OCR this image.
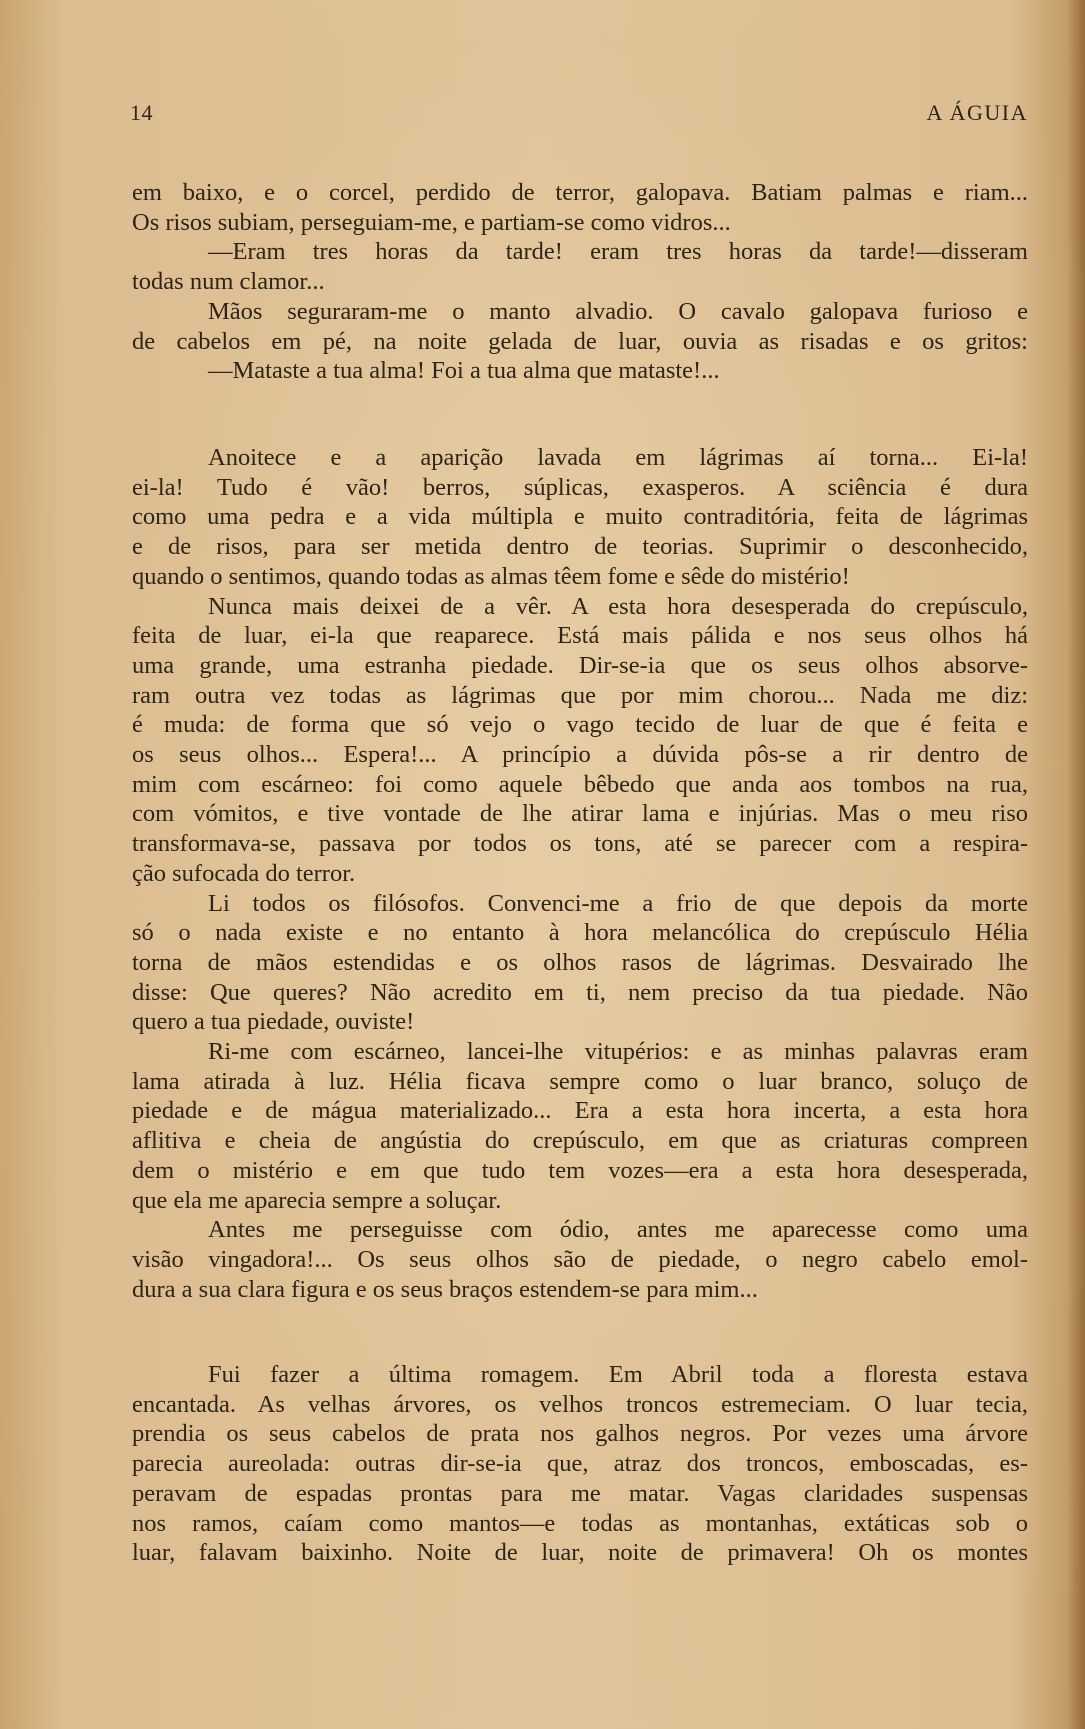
14	A ÁGUIA
em baixo, e o corcel, perdido de terror, galopava. Batiam palmas e riam...
Os risos subiam, perseguiam-me, e partiam-se como vidros...
—Eram tres horas da tarde! eram tres horas da tarde!—disseram
todas num clamor...
Mãos seguraram-me o manto alvadio. O cavalo galopava furioso e
de cabelos em pé, na noite gelada de luar, ouvia as risadas e os gritos:
—Mataste a tua alma! Foi a tua alma que mataste!...
Anoitece e a aparição lavada em lágrimas aí torna... Ei-la!
ei-la! Tudo é vão! berros, súplicas, exasperos. A sciência é dura
como uma pedra e a vida múltipla e muito contraditória, feita de lágrimas
e de risos, para ser metida dentro de teorias. Suprimir o desconhecido,
quando o sentimos, quando todas as almas têem fome e sêde do mistério!
Nunca mais deixei de a vêr. A esta hora desesperada do crepúsculo,
feita de luar, ei-la que reaparece. Está mais pálida e nos seus olhos há
uma grande, uma estranha piedade. Dir-se-ia que os seus olhos absorve-
ram outra vez todas as lágrimas que por mim chorou... Nada me diz:
é muda: de forma que só vejo o vago tecido de luar de que é feita e
os seus olhos... Espera!... A princípio a dúvida pôs-se a rir dentro de
mim com escárneo: foi como aquele bêbedo que anda aos tombos na rua,
com vómitos, e tive vontade de lhe atirar lama e injúrias. Mas o meu riso
transformava-se, passava por todos os tons, até se parecer com a respira-
ção sufocada do terror.
Li todos os filósofos. Convenci-me a frio de que depois da morte
só o nada existe e no entanto à hora melancólica do crepúsculo Hélia
torna de mãos estendidas e os olhos rasos de lágrimas. Desvairado lhe
disse: Que queres? Não acredito em ti, nem preciso da tua piedade. Não
quero a tua piedade, ouviste!
Ri-me com escárneo, lancei-lhe vitupérios: e as minhas palavras eram
lama atirada à luz. Hélia ficava sempre como o luar branco, soluço de
piedade e de mágua materializado... Era a esta hora incerta, a esta hora
aflitiva e cheia de angústia do crepúsculo, em que as criaturas compreen
dem o mistério e em que tudo tem vozes—era a esta hora desesperada,
que ela me aparecia sempre a soluçar.
Antes me perseguisse com ódio, antes me aparecesse como uma
visão vingadora!... Os seus olhos são de piedade, o negro cabelo emol-
dura a sua clara figura e os seus braços estendem-se para mim...
Fui fazer a última romagem. Em Abril toda a floresta estava
encantada. As velhas árvores, os velhos troncos estremeciam. O luar tecia,
prendia os seus cabelos de prata nos galhos negros. Por vezes uma árvore
parecia aureolada: outras dir-se-ia que, atraz dos troncos, emboscadas, es-
peravam de espadas prontas para me matar. Vagas claridades suspensas
nos ramos, caíam como mantos—e todas as montanhas, extáticas sob o
luar, falavam baixinho. Noite de luar, noite de primavera! Oh os montes
